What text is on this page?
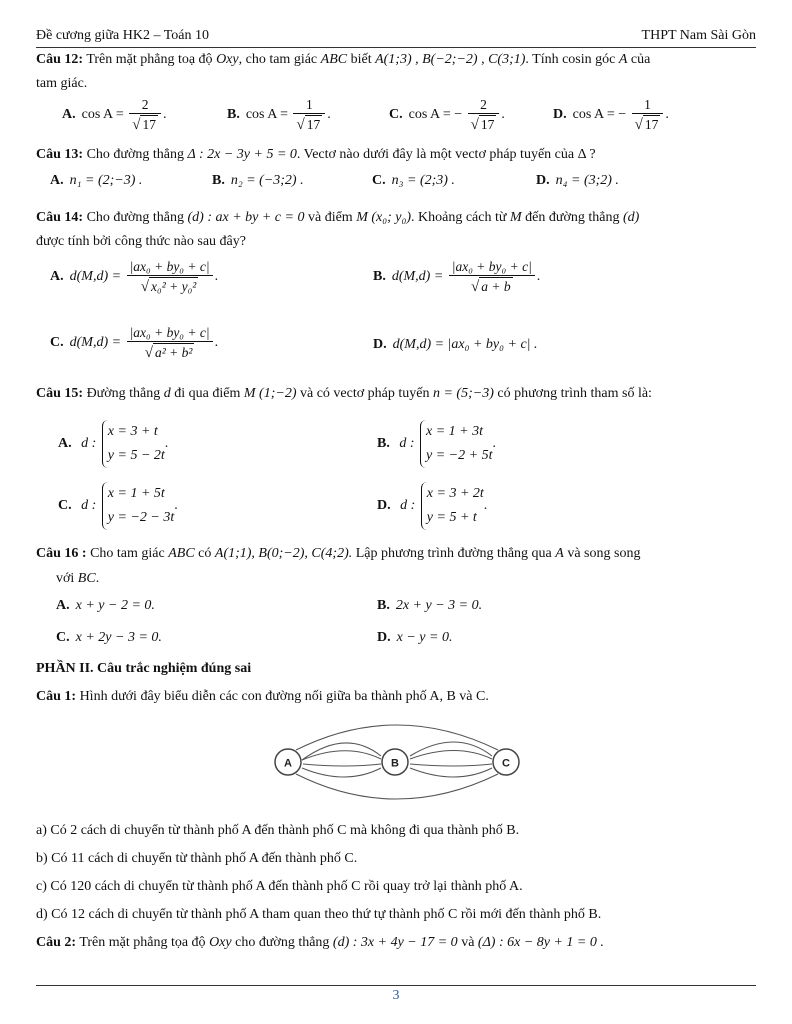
Đề cương giữa HK2 – Toán 10	THPT Nam Sài Gòn
Câu 12: Trên mặt phẳng toạ độ Oxy, cho tam giác ABC biết A(1;3) , B(−2;−2) , C(3;1). Tính cosin góc A của
tam giác.
A. $\cos A = \frac{2}{√ 17}$ .	B. $\cos A = \frac{1}{√ 17}$ .	C. cos A = − $\frac{2}{√ 17}$ .	D. cos A = − $\frac{1}{√ 17}$ .
Câu 13: Cho đường thẳng Δ : 2x − 3y + 5 = 0. Vectơ nào dưới đây là một vectơ pháp tuyến của Δ ?
A. n₁ = (2;−3) .	B. n₂ = (−3;2) .	C. n₃ = (2;3) .	D. n₄ = (3;2) .
Câu 14: Cho đường thẳng (d) : ax + by + c = 0 và điểm M (x₀; y₀). Khoảng cách từ M đến đường thẳng (d)
được tính bởi công thức nào sau đây?
A. $d(M,d) = \frac{\text{|ax₀ + by₀ + c|}}{\text{√ x₀² + y₀²}}$ .	B. $d(M,d) = \frac{\text{|ax₀ + by₀ + c|}}{√ a + b}$ .
C. $d(M,d) = \frac{\text{|ax₀ + by₀ + c|}}{\text{√ a² + b²}}$ .	D. d(M,d) = |ax₀ + by₀ + c| .
Câu 15: Đường thẳng d đi qua điểm M (1;−2) và có vectơ pháp tuyến n = (5;−3) có phương trình tham số là:
A. d : x = 3 + t
y = 5 − 2t.	B. d : x = 1 + 3t
y = −2 + 5t.
C. d : x = 1 + 5t
y = −2 − 3t.	D. d : x = 3 + 2t
y = 5 + t.
Câu 16 : Cho tam giác ABC có A(1;1), B(0;−2), C(4;2). Lập phương trình đường thẳng qua A và song song
với BC.
A. x + y − 2 = 0.	B. 2x + y − 3 = 0.
C. x + 2y − 3 = 0.	D. x − y = 0.
PHẦN II. Câu trắc nghiệm đúng sai
Câu 1: Hình dưới đây biểu diễn các con đường nối giữa ba thành phố A, B và C.
A	B	C
a) Có 2 cách di chuyển từ thành phố A đến thành phố C mà không đi qua thành phố B.
b) Có 11 cách di chuyển từ thành phố A đến thành phố C.
c) Có 120 cách di chuyển từ thành phố A đến thành phố C rồi quay trở lại thành phố A.
d) Có 12 cách di chuyển từ thành phố A tham quan theo thứ tự thành phố C rồi mới đến thành phố B.
Câu 2: Trên mặt phẳng tọa độ Oxy cho đường thẳng (d) : 3x + 4y − 17 = 0 và (Δ) : 6x − 8y + 1 = 0 .
3
